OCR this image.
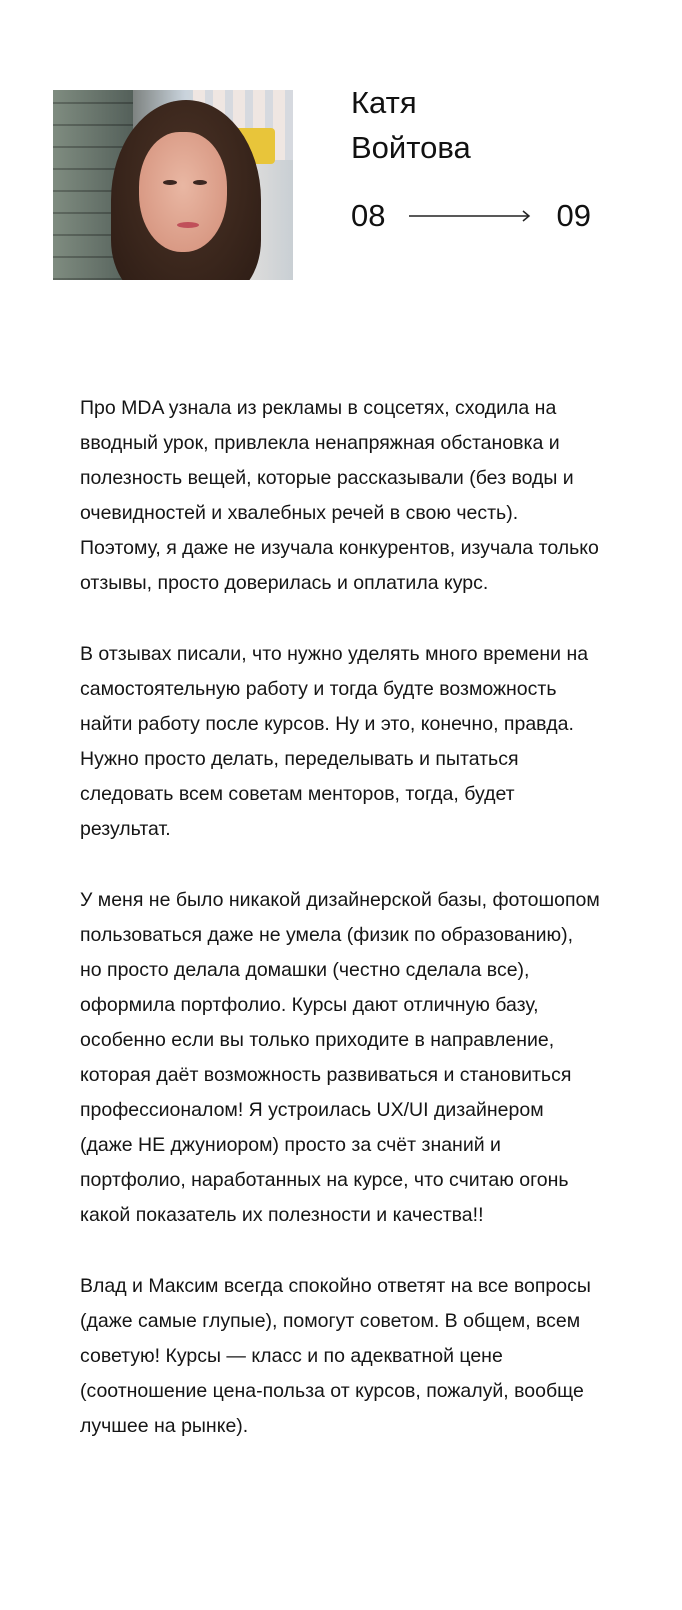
Катя
Войтова
08	09

Про MDA узнала из рекламы в соцсетях, сходила на вводный урок, привлекла ненапряжная обстановка и полезность вещей, которые рассказывали (без воды и очевидностей и хвалебных речей в свою честь). Поэтому, я даже не изучала конкурентов, изучала только отзывы, просто доверилась и оплатила курс.

В отзывах писали, что нужно уделять много времени на самостоятельную работу и тогда будте возможность найти работу после курсов. Ну и это, конечно, правда. Нужно просто делать, переделывать и пытаться следовать всем советам менторов, тогда, будет результат.

У меня не было никакой дизайнерской базы, фотошопом пользоваться даже не умела (физик по образованию), но просто делала домашки (честно сделала все), оформила портфолио. Курсы дают отличную базу, особенно если вы только приходите в направление, которая даёт возможность развиваться и становиться профессионалом! Я устроилась UX/UI дизайнером (даже НЕ джуниором) просто за счёт знаний и портфолио, наработанных на курсе, что считаю огонь какой показатель их полезности и качества!!

Влад и Максим всегда спокойно ответят на все вопросы (даже самые глупые), помогут советом. В общем, всем советую! Курсы — класс и по адекватной цене (соотношение цена-польза от курсов, пожалуй, вообще лучшее на рынке).
